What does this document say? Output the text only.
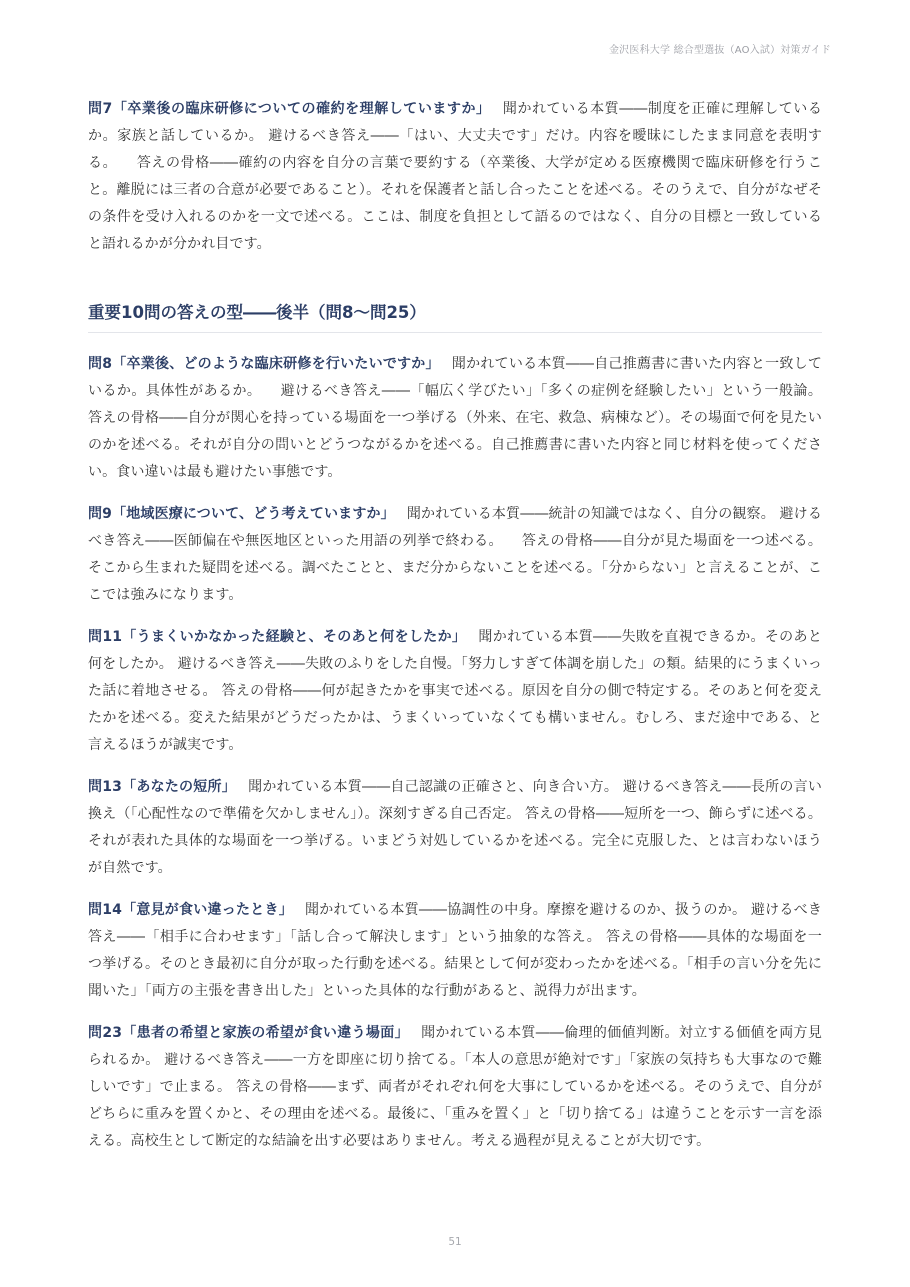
金沢医科大学 総合型選抜（AO入試）対策ガイド

問7「卒業後の臨床研修についての確約を理解していますか」 聞かれている本質――制度を正確に理解しているか。家族と話しているか。 避けるべき答え――「はい、大丈夫です」だけ。内容を曖昧にしたまま同意を表明する。 　答えの骨格――確約の内容を自分の言葉で要約する（卒業後、大学が定める医療機関で臨床研修を行うこと。離脱には三者の合意が必要であること）。それを保護者と話し合ったことを述べる。そのうえで、自分がなぜその条件を受け入れるのかを一文で述べる。ここは、制度を負担として語るのではなく、自分の目標と一致していると語れるかが分かれ目です。

重要10問の答えの型――後半（問8〜問25）

問8「卒業後、どのような臨床研修を行いたいですか」 聞かれている本質――自己推薦書に書いた内容と一致しているか。具体性があるか。 　避けるべき答え――「幅広く学びたい」「多くの症例を経験したい」という一般論。 答えの骨格――自分が関心を持っている場面を一つ挙げる（外来、在宅、救急、病棟など）。その場面で何を見たいのかを述べる。それが自分の問いとどうつながるかを述べる。自己推薦書に書いた内容と同じ材料を使ってください。食い違いは最も避けたい事態です。

問9「地域医療について、どう考えていますか」 聞かれている本質――統計の知識ではなく、自分の観察。 避けるべき答え――医師偏在や無医地区といった用語の列挙で終わる。 　答えの骨格――自分が見た場面を一つ述べる。そこから生まれた疑問を述べる。調べたことと、まだ分からないことを述べる。「分からない」と言えることが、ここでは強みになります。

問11「うまくいかなかった経験と、そのあと何をしたか」 聞かれている本質――失敗を直視できるか。そのあと何をしたか。 避けるべき答え――失敗のふりをした自慢。「努力しすぎて体調を崩した」の類。結果的にうまくいった話に着地させる。 答えの骨格――何が起きたかを事実で述べる。原因を自分の側で特定する。そのあと何を変えたかを述べる。変えた結果がどうだったかは、うまくいっていなくても構いません。むしろ、まだ途中である、と言えるほうが誠実です。

問13「あなたの短所」 聞かれている本質――自己認識の正確さと、向き合い方。 避けるべき答え――長所の言い換え（「心配性なので準備を欠かしません」）。深刻すぎる自己否定。 答えの骨格――短所を一つ、飾らずに述べる。それが表れた具体的な場面を一つ挙げる。いまどう対処しているかを述べる。完全に克服した、とは言わないほうが自然です。

問14「意見が食い違ったとき」 聞かれている本質――協調性の中身。摩擦を避けるのか、扱うのか。 避けるべき答え――「相手に合わせます」「話し合って解決します」という抽象的な答え。 答えの骨格――具体的な場面を一つ挙げる。そのとき最初に自分が取った行動を述べる。結果として何が変わったかを述べる。「相手の言い分を先に聞いた」「両方の主張を書き出した」といった具体的な行動があると、説得力が出ます。

問23「患者の希望と家族の希望が食い違う場面」 聞かれている本質――倫理的価値判断。対立する価値を両方見られるか。 避けるべき答え――一方を即座に切り捨てる。「本人の意思が絶対です」「家族の気持ちも大事なので難しいです」で止まる。 答えの骨格――まず、両者がそれぞれ何を大事にしているかを述べる。そのうえで、自分がどちらに重みを置くかと、その理由を述べる。最後に、「重みを置く」と「切り捨てる」は違うことを示す一言を添える。高校生として断定的な結論を出す必要はありません。考える過程が見えることが大切です。

51
